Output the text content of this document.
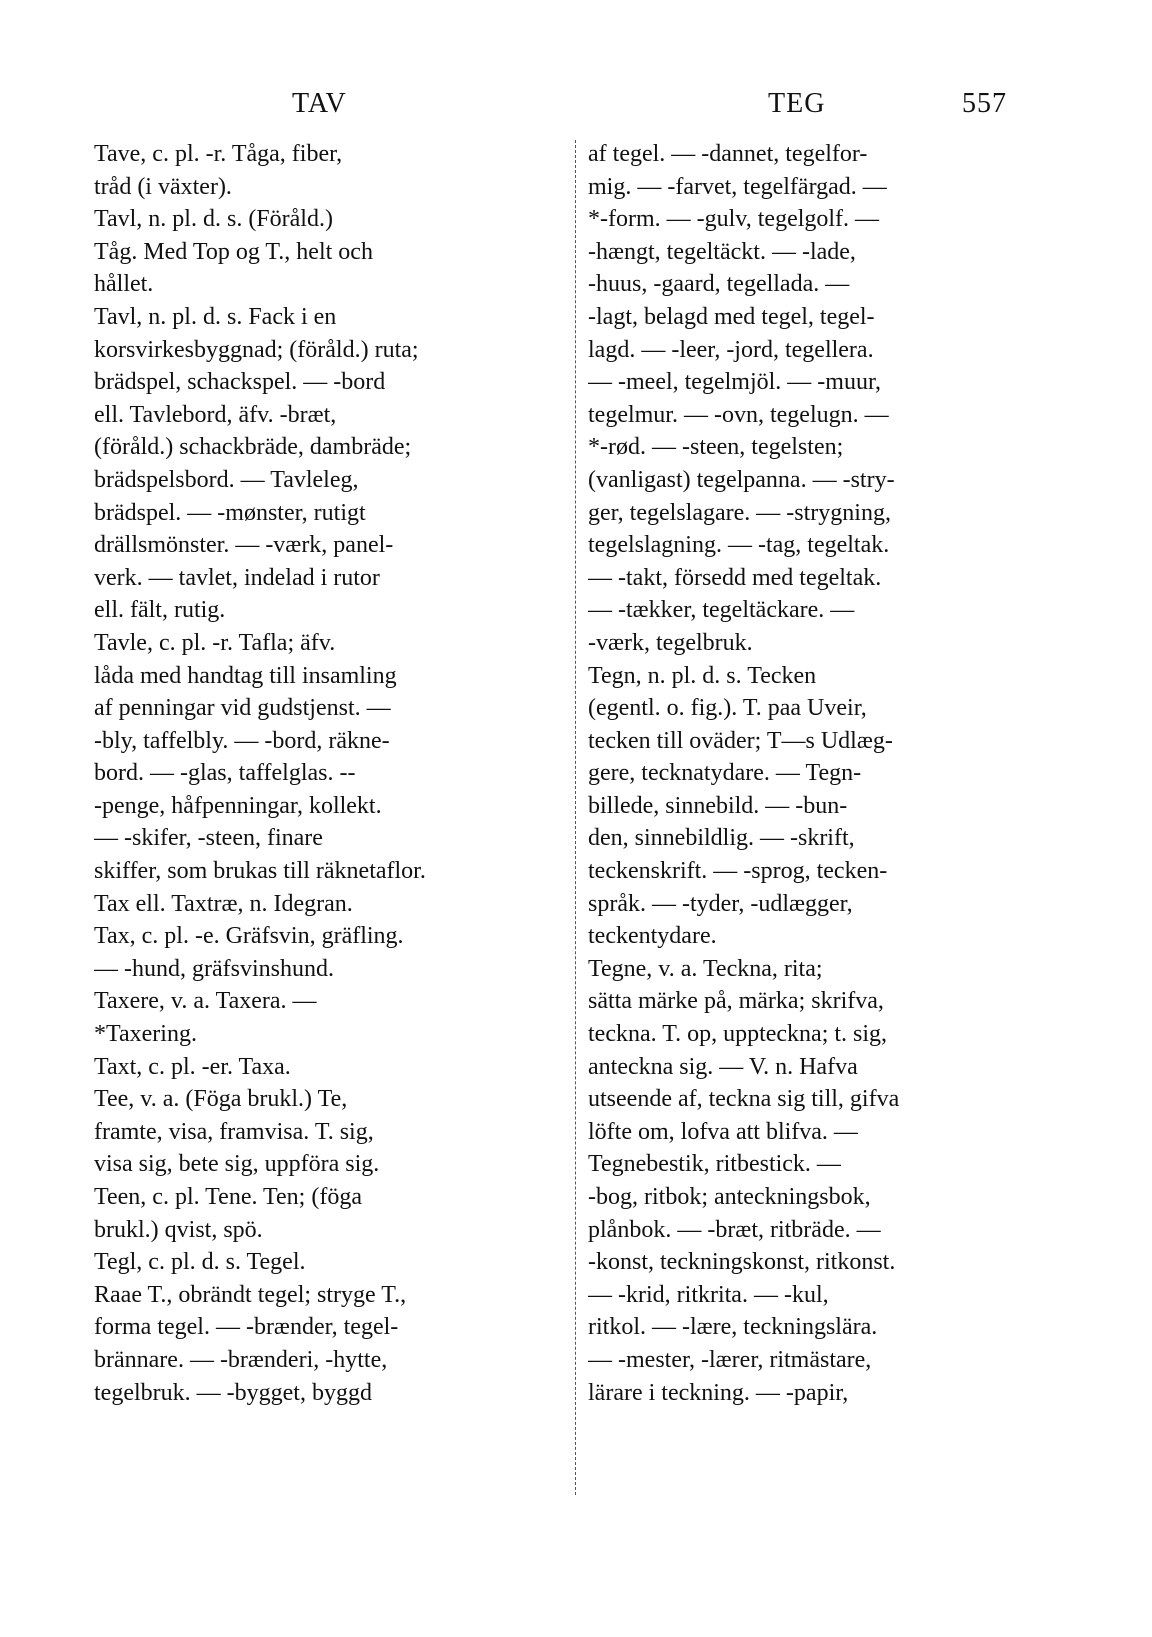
TAV	TEG	557
Tave, c. pl. -r. Tåga, fiber,
tråd (i växter).
Tavl, n. pl. d. s. (Föråld.)
Tåg. Med Top og T., helt och
hållet.
Tavl, n. pl. d. s. Fack i en
korsvirkesbyggnad; (föråld.) ruta;
brädspel, schackspel. — -bord
ell. Tavlebord, äfv. -bræt,
(föråld.) schackbräde, dambräde;
brädspelsbord. — Tavleleg,
brädspel. — -mønster, rutigt
drällsmönster. — -værk, panel-
verk. — tavlet, indelad i rutor
ell. fält, rutig.
Tavle, c. pl. -r. Tafla; äfv.
låda med handtag till insamling
af penningar vid gudstjenst. —
-bly, taffelbly. — -bord, räkne-
bord. — -glas, taffelglas. --
-penge, håfpenningar, kollekt.
— -skifer, -steen, finare
skiffer, som brukas till räknetaflor.
Tax ell. Taxtræ, n. Idegran.
Tax, c. pl. -e. Gräfsvin, gräfling.
— -hund, gräfsvinshund.
Taxere, v. a. Taxera. —
*Taxering.
Taxt, c. pl. -er. Taxa.
Tee, v. a. (Föga brukl.) Te,
framte, visa, framvisa. T. sig,
visa sig, bete sig, uppföra sig.
Teen, c. pl. Tene. Ten; (föga
brukl.) qvist, spö.
Tegl, c. pl. d. s. Tegel.
Raae T., obrändt tegel; stryge T.,
forma tegel. — -brænder, tegel-
brännare. — -brænderi, -hytte,
tegelbruk. — -bygget, byggd
af tegel. — -dannet, tegelfor-
mig. — -farvet, tegelfärgad. —
*-form. — -gulv, tegelgolf. —
-hængt, tegeltäckt. — -lade,
-huus, -gaard, tegellada. —
-lagt, belagd med tegel, tegel-
lagd. — -leer, -jord, tegellera.
— -meel, tegelmjöl. — -muur,
tegelmur. — -ovn, tegelugn. —
*-rød. — -steen, tegelsten;
(vanligast) tegelpanna. — -stry-
ger, tegelslagare. — -strygning,
tegelslagning. — -tag, tegeltak.
— -takt, försedd med tegeltak.
— -tækker, tegeltäckare. —
-værk, tegelbruk.
Tegn, n. pl. d. s. Tecken
(egentl. o. fig.). T. paa Uveir,
tecken till oväder; T—s Udlæg-
gere, tecknatydare. — Tegn-
billede, sinnebild. — -bun-
den, sinnebildlig. — -skrift,
teckenskrift. — -sprog, tecken-
språk. — -tyder, -udlægger,
teckentydare.
Tegne, v. a. Teckna, rita;
sätta märke på, märka; skrifva,
teckna. T. op, uppteckna; t. sig,
anteckna sig. — V. n. Hafva
utseende af, teckna sig till, gifva
löfte om, lofva att blifva. —
Tegnebestik, ritbestick. —
-bog, ritbok; anteckningsbok,
plånbok. — -bræt, ritbräde. —
-konst, teckningskonst, ritkonst.
— -krid, ritkrita. — -kul,
ritkol. — -lære, teckningslära.
— -mester, -lærer, ritmästare,
lärare i teckning. — -papir,
